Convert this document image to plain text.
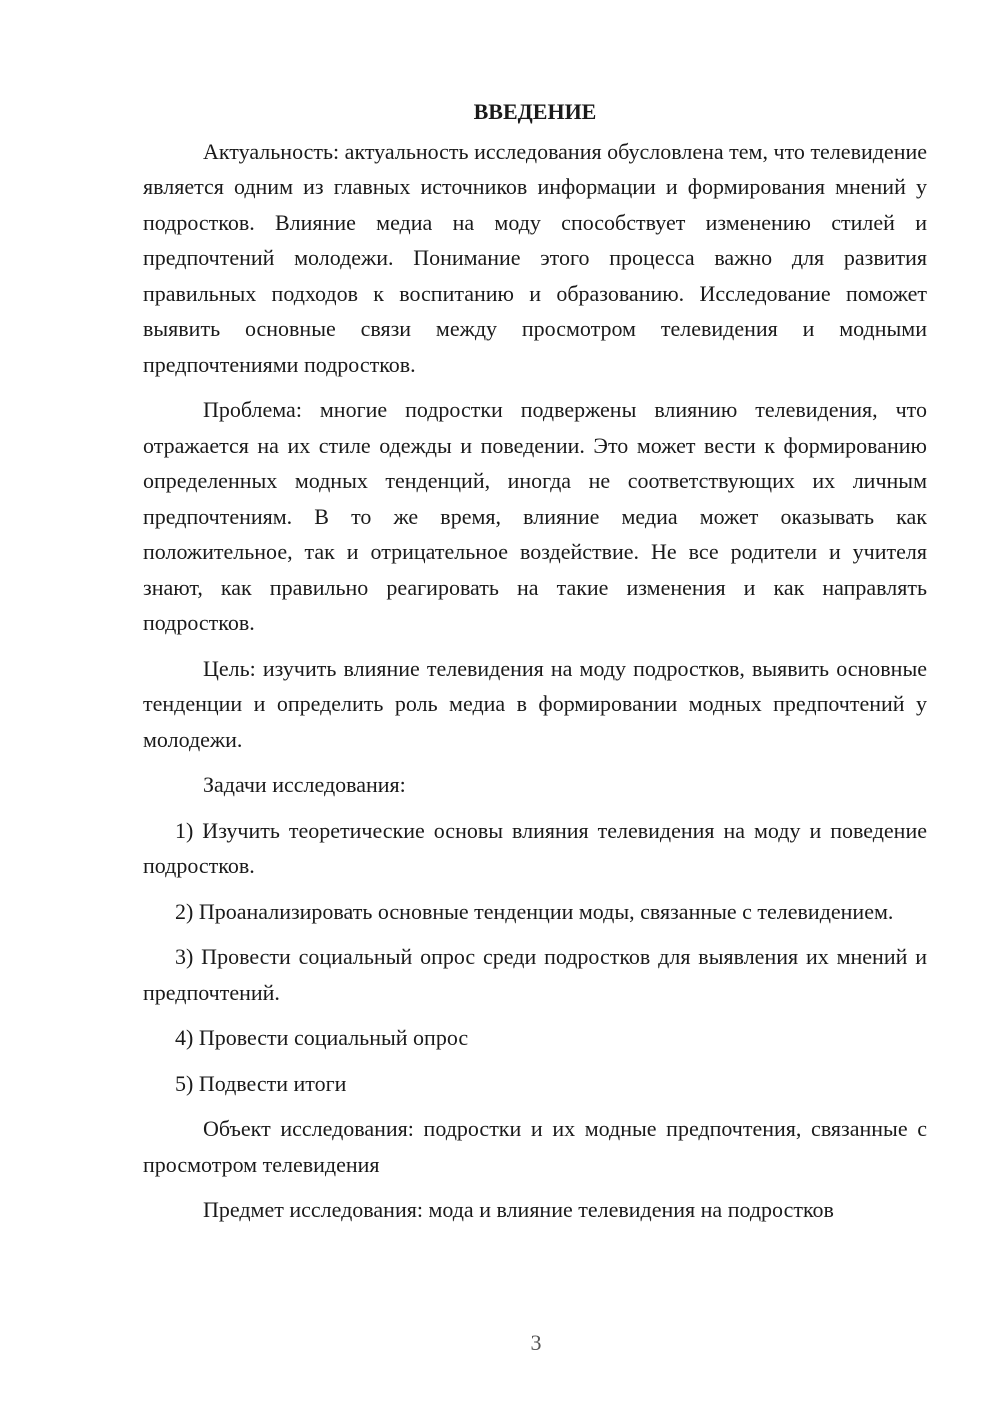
ВВЕДЕНИЕ

Актуальность: актуальность исследования обусловлена тем, что телевидение является одним из главных источников информации и формирования мнений у подростков. Влияние медиа на моду способствует изменению стилей и предпочтений молодежи. Понимание этого процесса важно для развития правильных подходов к воспитанию и образованию. Исследование поможет выявить основные связи между просмотром телевидения и модными предпочтениями подростков.

Проблема: многие подростки подвержены влиянию телевидения, что отражается на их стиле одежды и поведении. Это может вести к формированию определенных модных тенденций, иногда не соответствующих их личным предпочтениям. В то же время, влияние медиа может оказывать как положительное, так и отрицательное воздействие. Не все родители и учителя знают, как правильно реагировать на такие изменения и как направлять подростков.

Цель: изучить влияние телевидения на моду подростков, выявить основные тенденции и определить роль медиа в формировании модных предпочтений у молодежи.

Задачи исследования:

1) Изучить теоретические основы влияния телевидения на моду и поведение подростков.

2) Проанализировать основные тенденции моды, связанные с телевидением.

3) Провести социальный опрос среди подростков для выявления их мнений и предпочтений.

4) Провести социальный опрос

5) Подвести итоги

Объект исследования: подростки и их модные предпочтения, связанные с просмотром телевидения

Предмет исследования: мода и влияние телевидения на подростков

3
